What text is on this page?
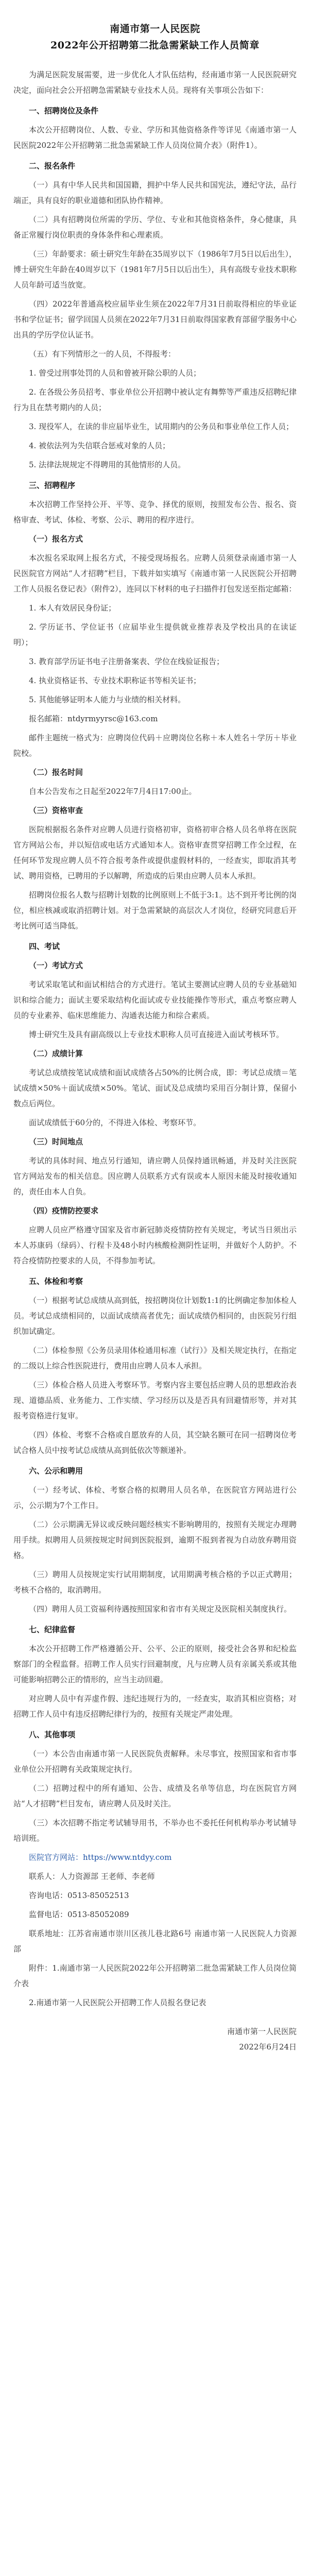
南通市第一人民医院
2022年公开招聘第二批急需紧缺工作人员简章

为满足医院发展需要，进一步优化人才队伍结构，经南通市第一人民医院研究决定，面向社会公开招聘急需紧缺专业技术人员。现将有关事项公告如下：

一、招聘岗位及条件

本次公开招聘岗位、人数、专业、学历和其他资格条件等详见《南通市第一人民医院2022年公开招聘第二批急需紧缺工作人员岗位简介表》（附件1）。

二、报名条件

（一）具有中华人民共和国国籍，拥护中华人民共和国宪法，遵纪守法，品行端正，具有良好的职业道德和团队协作精神。

（二）具有招聘岗位所需的学历、学位、专业和其他资格条件，身心健康，具备正常履行岗位职责的身体条件和心理素质。

（三）年龄要求：硕士研究生年龄在35周岁以下（1986年7月5日以后出生），博士研究生年龄在40周岁以下（1981年7月5日以后出生），具有高级专业技术职称人员年龄可适当放宽。

（四）2022年普通高校应届毕业生须在2022年7月31日前取得相应的毕业证书和学位证书；留学回国人员须在2022年7月31日前取得国家教育部留学服务中心出具的学历学位认证书。

（五）有下列情形之一的人员，不得报考：

1. 曾受过刑事处罚的人员和曾被开除公职的人员；

2. 在各级公务员招考、事业单位公开招聘中被认定有舞弊等严重违反招聘纪律行为且在禁考期内的人员；

3. 现役军人，在读的非应届毕业生，试用期内的公务员和事业单位工作人员；

4. 被依法列为失信联合惩戒对象的人员；

5. 法律法规规定不得聘用的其他情形的人员。

三、招聘程序

本次招聘工作坚持公开、平等、竞争、择优的原则，按照发布公告、报名、资格审查、考试、体检、考察、公示、聘用的程序进行。

（一）报名方式

本次报名采取网上报名方式，不接受现场报名。应聘人员须登录南通市第一人民医院官方网站“人才招聘”栏目，下载并如实填写《南通市第一人民医院公开招聘工作人员报名登记表》（附件2），连同以下材料的电子扫描件打包发送至指定邮箱：

1. 本人有效居民身份证；

2. 学历证书、学位证书（应届毕业生提供就业推荐表及学校出具的在读证明）；

3. 教育部学历证书电子注册备案表、学位在线验证报告；

4. 执业资格证书、专业技术职称证书等相关证书；

5. 其他能够证明本人能力与业绩的相关材料。

报名邮箱：ntdyrmyyrsc@163.com

邮件主题统一格式为：应聘岗位代码＋应聘岗位名称＋本人姓名＋学历＋毕业院校。

（二）报名时间

自本公告发布之日起至2022年7月4日17:00止。

（三）资格审查

医院根据报名条件对应聘人员进行资格初审，资格初审合格人员名单将在医院官方网站公布，并以短信或电话方式通知本人。资格审查贯穿招聘工作全过程，在任何环节发现应聘人员不符合报考条件或提供虚假材料的，一经查实，即取消其考试、聘用资格，已聘用的予以解聘，所造成的后果由应聘人员本人承担。

招聘岗位报名人数与招聘计划数的比例原则上不低于3:1。达不到开考比例的岗位，相应核减或取消招聘计划。对于急需紧缺的高层次人才岗位，经研究同意后开考比例可适当降低。

四、考试

（一）考试方式

考试采取笔试和面试相结合的方式进行。笔试主要测试应聘人员的专业基础知识和综合能力；面试主要采取结构化面试或专业技能操作等形式，重点考察应聘人员的专业素养、临床思维能力、沟通表达能力和综合素质。

博士研究生及具有副高级以上专业技术职称人员可直接进入面试考核环节。

（二）成绩计算

考试总成绩按笔试成绩和面试成绩各占50%的比例合成，即：考试总成绩＝笔试成绩×50%＋面试成绩×50%。笔试、面试及总成绩均采用百分制计算，保留小数点后两位。

面试成绩低于60分的，不得进入体检、考察环节。

（三）时间地点

考试的具体时间、地点另行通知，请应聘人员保持通讯畅通，并及时关注医院官方网站发布的相关信息。因应聘人员联系方式有误或本人原因未能及时接收通知的，责任由本人自负。

（四）疫情防控要求

应聘人员应严格遵守国家及省市新冠肺炎疫情防控有关规定，考试当日须出示本人苏康码（绿码）、行程卡及48小时内核酸检测阴性证明，并做好个人防护。不符合疫情防控要求的人员，不得参加考试。

五、体检和考察

（一）根据考试总成绩从高到低，按招聘岗位计划数1:1的比例确定参加体检人员。考试总成绩相同的，以面试成绩高者优先；面试成绩仍相同的，由医院另行组织加试确定。

（二）体检参照《公务员录用体检通用标准（试行）》及相关规定执行，在指定的二级以上综合性医院进行，费用由应聘人员本人承担。

（三）体检合格人员进入考察环节。考察内容主要包括应聘人员的思想政治表现、道德品质、业务能力、工作实绩、学习经历以及是否具有回避情形等，并对其报考资格进行复审。

（四）体检、考察不合格或自愿放弃的人员，其空缺名额可在同一招聘岗位考试合格人员中按考试总成绩从高到低依次等额递补。

六、公示和聘用

（一）经考试、体检、考察合格的拟聘用人员名单，在医院官方网站进行公示，公示期为7个工作日。

（二）公示期满无异议或反映问题经核实不影响聘用的，按照有关规定办理聘用手续。拟聘用人员须按规定时间到医院报到，逾期不报到者视为自动放弃聘用资格。

（三）聘用人员按规定实行试用期制度，试用期满考核合格的予以正式聘用；考核不合格的，取消聘用。

（四）聘用人员工资福利待遇按照国家和省市有关规定及医院相关制度执行。

七、纪律监督

本次公开招聘工作严格遵循公开、公平、公正的原则，接受社会各界和纪检监察部门的全程监督。招聘工作人员实行回避制度，凡与应聘人员有亲属关系或其他可能影响招聘公正的情形的，应当主动回避。

对应聘人员中有弄虚作假、违纪违规行为的，一经查实，取消其相应资格；对招聘工作人员中有违反招聘纪律行为的，按照有关规定严肃处理。

八、其他事项

（一）本公告由南通市第一人民医院负责解释。未尽事宜，按照国家和省市事业单位公开招聘有关政策规定执行。

（二）招聘过程中的所有通知、公告、成绩及名单等信息，均在医院官方网站“人才招聘”栏目发布，请应聘人员及时关注。

（三）本次招聘不指定考试辅导用书，不举办也不委托任何机构举办考试辅导培训班。

医院官方网站：https://www.ntdyy.com

联系人：人力资源部 王老师、李老师

咨询电话：0513-85052513

监督电话：0513-85052089

联系地址：江苏省南通市崇川区孩儿巷北路6号 南通市第一人民医院人力资源部

附件：1.南通市第一人民医院2022年公开招聘第二批急需紧缺工作人员岗位简介表

2.南通市第一人民医院公开招聘工作人员报名登记表

南通市第一人民医院
2022年6月24日
